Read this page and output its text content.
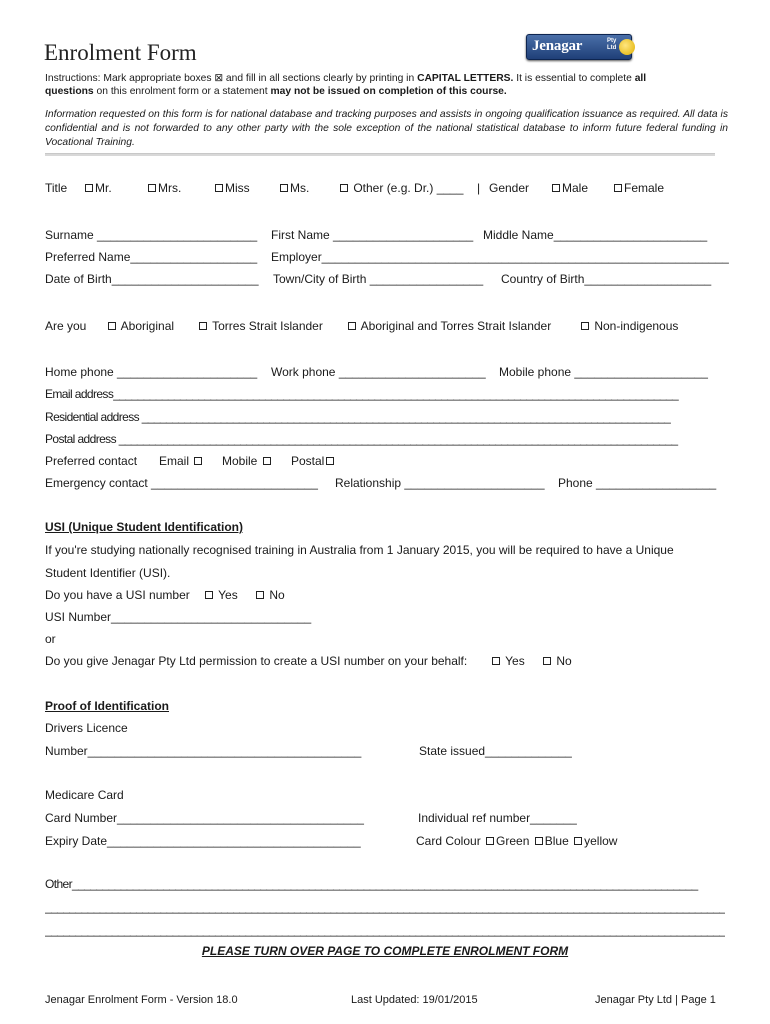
Enrolment Form	Jenagar	Pty Ltd
Instructions: Mark appropriate boxes ⊠ and fill in all sections clearly by printing in CAPITAL LETTERS. It is essential to complete all
questions on this enrolment form or a statement may not be issued on completion of this course.
Information requested on this form is for national database and tracking purposes and assists in ongoing qualification issuance as required. All data is confidential and is not forwarded to any other party with the sole exception of the national statistical database to inform future federal funding in Vocational Training.
Title	Mr.	Mrs.	Miss	Ms.	Other (e.g. Dr.) ____ | Gender	Male	Female
Surname ________________________ First Name _____________________ Middle Name_______________________
Preferred Name___________________ Employer_____________________________________________________________
Date of Birth______________________ Town/City of Birth _________________ Country of Birth___________________
Are you	Aboriginal	Torres Strait Islander	Aboriginal and Torres Strait Islander	Non-indigenous
Home phone _____________________ Work phone ______________________ Mobile phone ____________________
Email address_____________________________________________________________________________________________
Residential address _______________________________________________________________________________________
Postal address ____________________________________________________________________________________________
Preferred contact Email	Mobile	Postal
Emergency contact _________________________ Relationship _____________________ Phone __________________
USI (Unique Student Identification)
If you're studying nationally recognised training in Australia from 1 January 2015, you will be required to have a Unique
Student Identifier (USI).
Do you have a USI number	Yes	No
USI Number______________________________
or
Do you give Jenagar Pty Ltd permission to create a USI number on your behalf:	Yes	No
Proof of Identification
Drivers Licence
Number_________________________________________	State issued_____________
Medicare Card
Card Number_____________________________________	Individual ref number_______
Expiry Date______________________________________	Card Colour Green Blue yellow
Other_______________________________________________________________________________________________________
________________________________________________________________________________________________________________
________________________________________________________________________________________________________________
PLEASE TURN OVER PAGE TO COMPLETE ENROLMENT FORM
Jenagar Enrolment Form - Version 18.0	Last Updated: 19/01/2015	Jenagar Pty Ltd | Page 1
